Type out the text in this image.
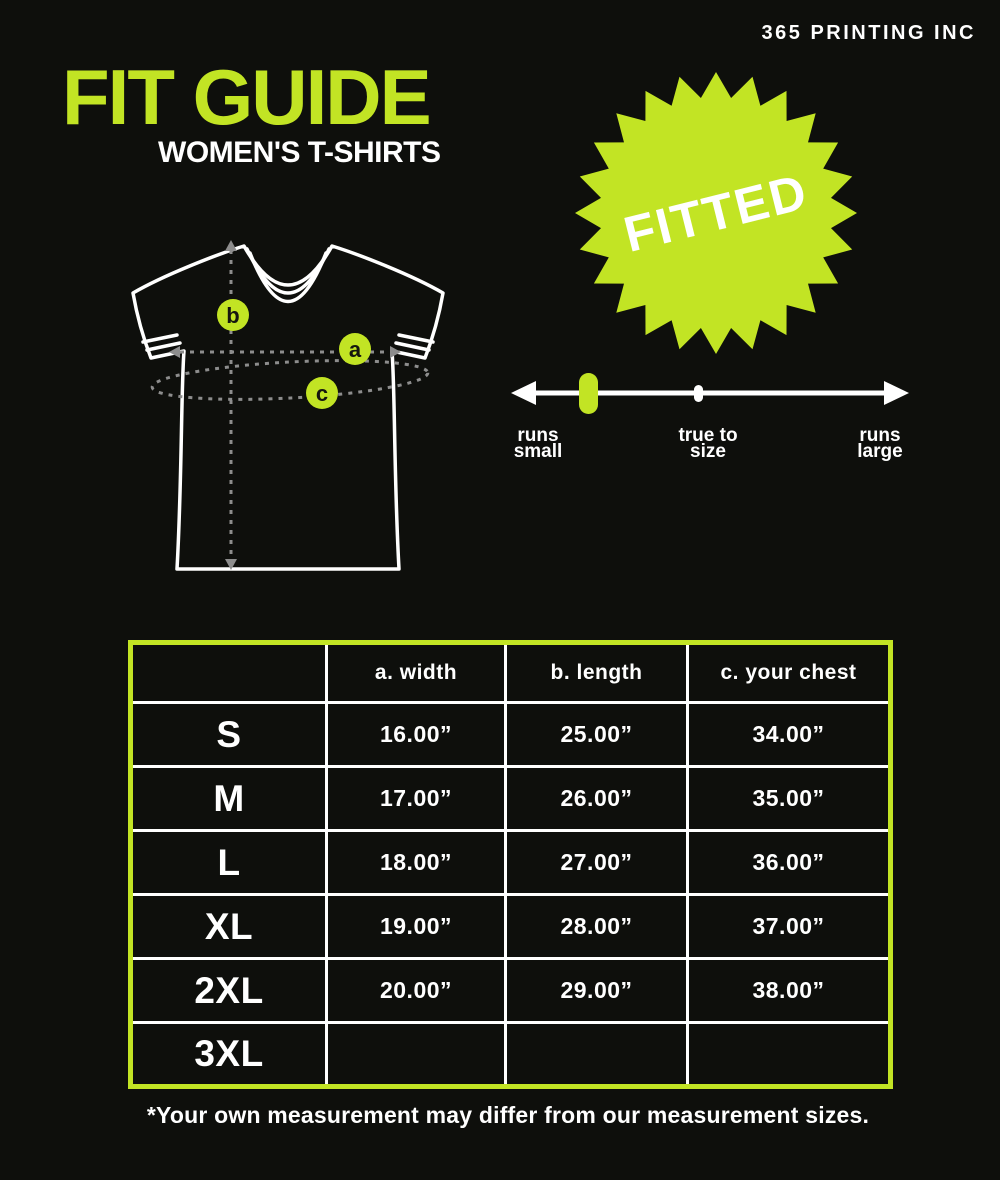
365 PRINTING INC
FIT GUIDE
WOMEN'S T-SHIRTS
b
a
c
FITTED
runs
small
true to
size
runs
large
	a. width	b. length	c. your chest
S	16.00”	25.00”	34.00”
M	17.00”	26.00”	35.00”
L	18.00”	27.00”	36.00”
XL	19.00”	28.00”	37.00”
2XL	20.00”	29.00”	38.00”
3XL			
*Your own measurement may differ from our measurement sizes.
